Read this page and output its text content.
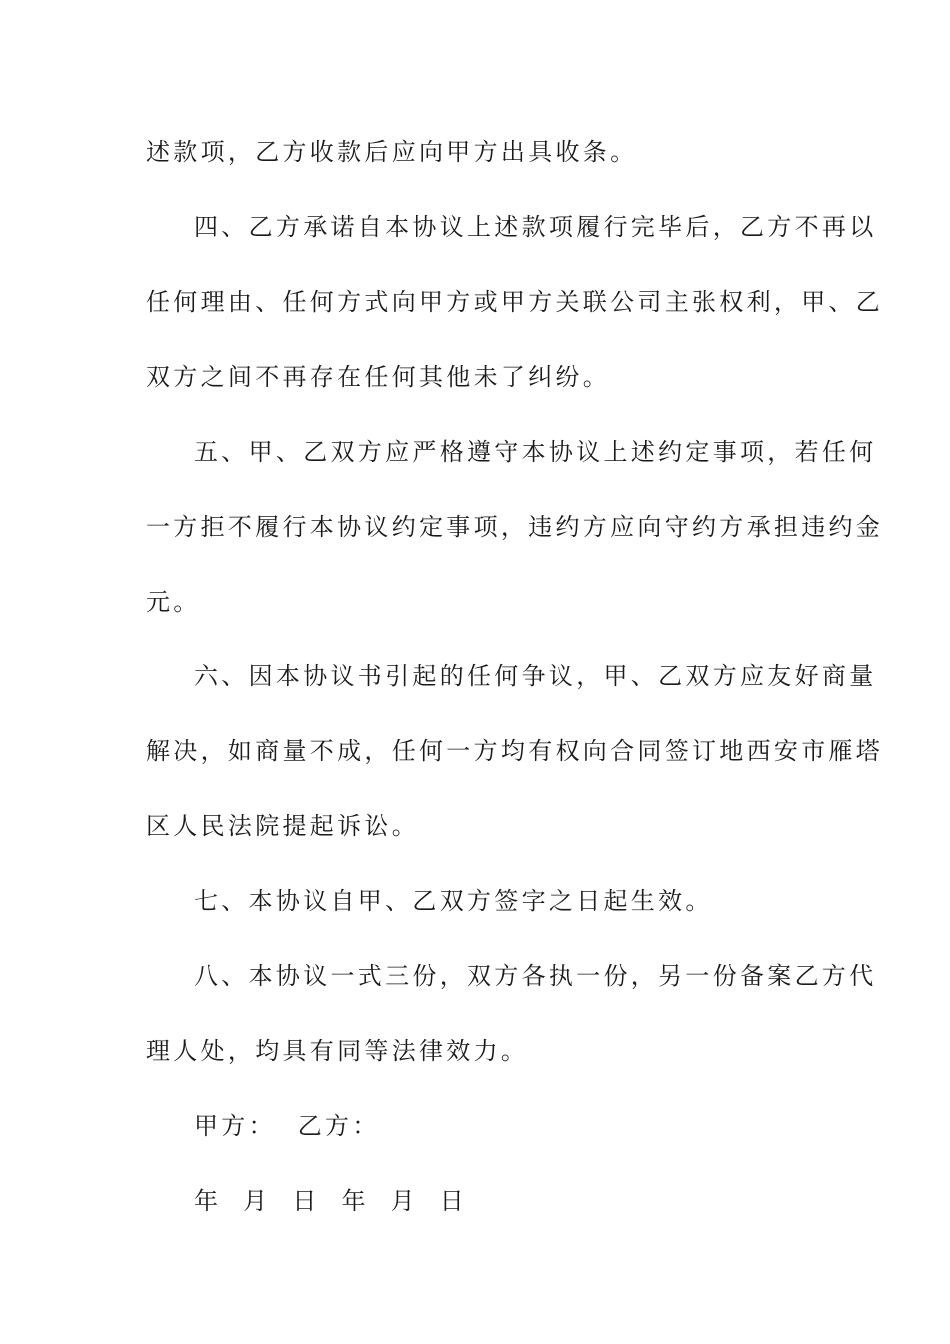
述款项，乙方收款后应向甲方出具收条。
四、乙方承诺自本协议上述款项履行完毕后，乙方不再以
任何理由、任何方式向甲方或甲方关联公司主张权利，甲、乙
双方之间不再存在任何其他未了纠纷。
五、甲、乙双方应严格遵守本协议上述约定事项，若任何
一方拒不履行本协议约定事项，违约方应向守约方承担违约金
元。
六、因本协议书引起的任何争议，甲、乙双方应友好商量
解决，如商量不成，任何一方均有权向合同签订地西安市雁塔
区人民法院提起诉讼。
七、本协议自甲、乙双方签字之日起生效。
八、本协议一式三份，双方各执一份，另一份备案乙方代
理人处，均具有同等法律效力。
甲方：  乙方：
年  月  日  年  月  日
